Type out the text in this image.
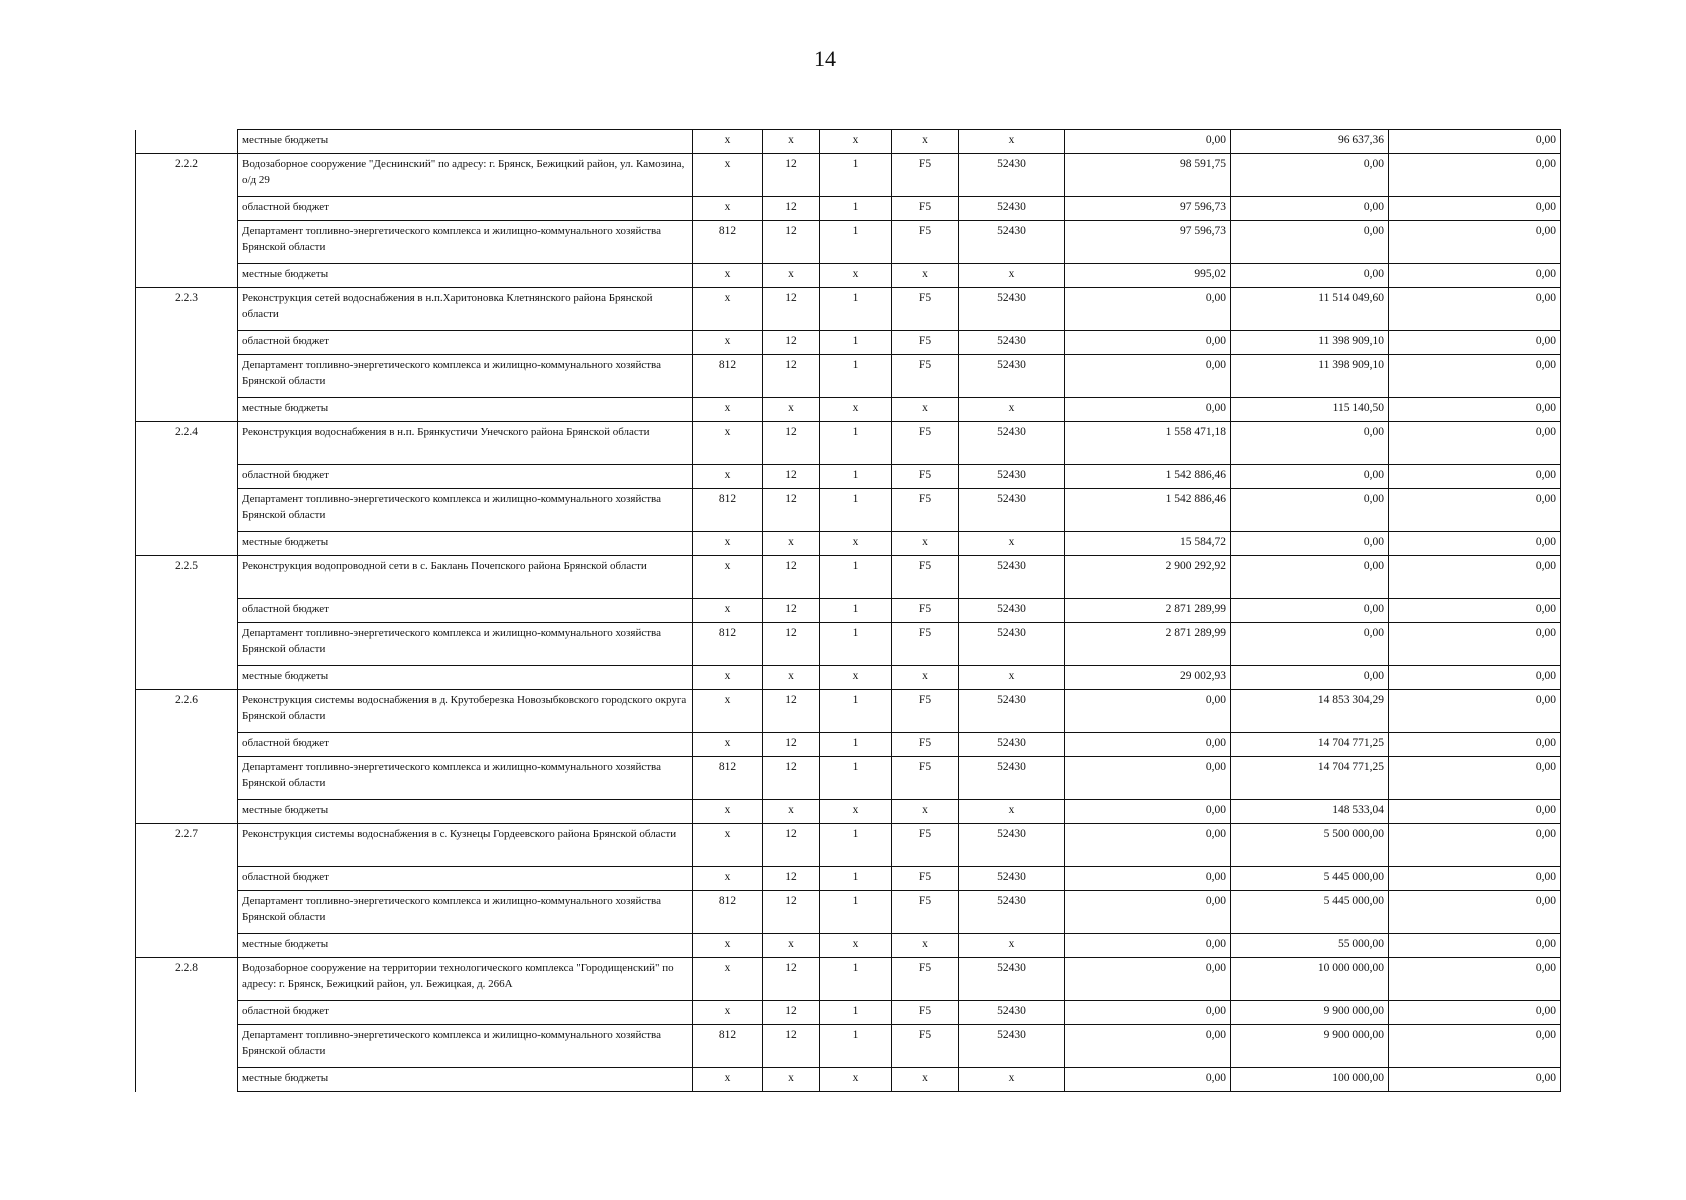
14
	местные бюджеты	x	x	x	x	x	0,00	96 637,36	0,00
2.2.2	Водозаборное сооружение "Деснинский" по адресу: г. Брянск, Бежицкий район, ул. Камозина, о/д 29	x	12	1	F5	52430	98 591,75	0,00	0,00
	областной бюджет	x	12	1	F5	52430	97 596,73	0,00	0,00
	Департамент топливно-энергетического комплекса и жилищно-коммунального хозяйства Брянской области	812	12	1	F5	52430	97 596,73	0,00	0,00
	местные бюджеты	x	x	x	x	x	995,02	0,00	0,00
2.2.3	Реконструкция сетей водоснабжения в н.п.Харитоновка Клетнянского района Брянской области	x	12	1	F5	52430	0,00	11 514 049,60	0,00
	областной бюджет	x	12	1	F5	52430	0,00	11 398 909,10	0,00
	Департамент топливно-энергетического комплекса и жилищно-коммунального хозяйства Брянской области	812	12	1	F5	52430	0,00	11 398 909,10	0,00
	местные бюджеты	x	x	x	x	x	0,00	115 140,50	0,00
2.2.4	Реконструкция водоснабжения в н.п. Брянкустичи Унечского района Брянской области	x	12	1	F5	52430	1 558 471,18	0,00	0,00
	областной бюджет	x	12	1	F5	52430	1 542 886,46	0,00	0,00
	Департамент топливно-энергетического комплекса и жилищно-коммунального хозяйства Брянской области	812	12	1	F5	52430	1 542 886,46	0,00	0,00
	местные бюджеты	x	x	x	x	x	15 584,72	0,00	0,00
2.2.5	Реконструкция водопроводной сети в с. Баклань Почепского района Брянской области	x	12	1	F5	52430	2 900 292,92	0,00	0,00
	областной бюджет	x	12	1	F5	52430	2 871 289,99	0,00	0,00
	Департамент топливно-энергетического комплекса и жилищно-коммунального хозяйства Брянской области	812	12	1	F5	52430	2 871 289,99	0,00	0,00
	местные бюджеты	x	x	x	x	x	29 002,93	0,00	0,00
2.2.6	Реконструкция системы водоснабжения в д. Крутоберезка Новозыбковского городского округа Брянской области	x	12	1	F5	52430	0,00	14 853 304,29	0,00
	областной бюджет	x	12	1	F5	52430	0,00	14 704 771,25	0,00
	Департамент топливно-энергетического комплекса и жилищно-коммунального хозяйства Брянской области	812	12	1	F5	52430	0,00	14 704 771,25	0,00
	местные бюджеты	x	x	x	x	x	0,00	148 533,04	0,00
2.2.7	Реконструкция системы водоснабжения в с. Кузнецы Гордеевского района Брянской области	x	12	1	F5	52430	0,00	5 500 000,00	0,00
	областной бюджет	x	12	1	F5	52430	0,00	5 445 000,00	0,00
	Департамент топливно-энергетического комплекса и жилищно-коммунального хозяйства Брянской области	812	12	1	F5	52430	0,00	5 445 000,00	0,00
	местные бюджеты	x	x	x	x	x	0,00	55 000,00	0,00
2.2.8	Водозаборное сооружение на территории технологического комплекса "Городищенский" по адресу: г. Брянск, Бежицкий район, ул. Бежицкая, д. 266А	x	12	1	F5	52430	0,00	10 000 000,00	0,00
	областной бюджет	x	12	1	F5	52430	0,00	9 900 000,00	0,00
	Департамент топливно-энергетического комплекса и жилищно-коммунального хозяйства Брянской области	812	12	1	F5	52430	0,00	9 900 000,00	0,00
	местные бюджеты	x	x	x	x	x	0,00	100 000,00	0,00
